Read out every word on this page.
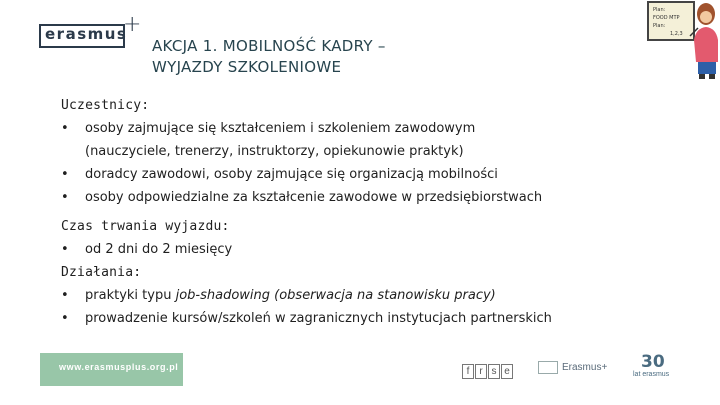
erasmus
+
AKCJA 1. MOBILNOŚĆ KADRY –
WYJAZDY SZKOLENIOWE
Plan:
FOOD MTP
Plan:
1,2,3
Uczestnicy:
• osoby zajmujące się kształceniem i szkoleniem zawodowym
(nauczyciele, trenerzy, instruktorzy, opiekunowie praktyk)
• doradcy zawodowi, osoby zajmujące się organizacją mobilności
• osoby odpowiedzialne za kształcenie zawodowe w przedsiębiorstwach
Czas trwania wyjazdu:
• od 2 dni do 2 miesięcy
Działania:
• praktyki typu job-shadowing (obserwacja na stanowisku pracy)
• prowadzenie kursów/szkoleń w zagranicznych instytucjach partnerskich
www.erasmusplus.org.pl	f r s e	Erasmus+ 30
lat erasmus
